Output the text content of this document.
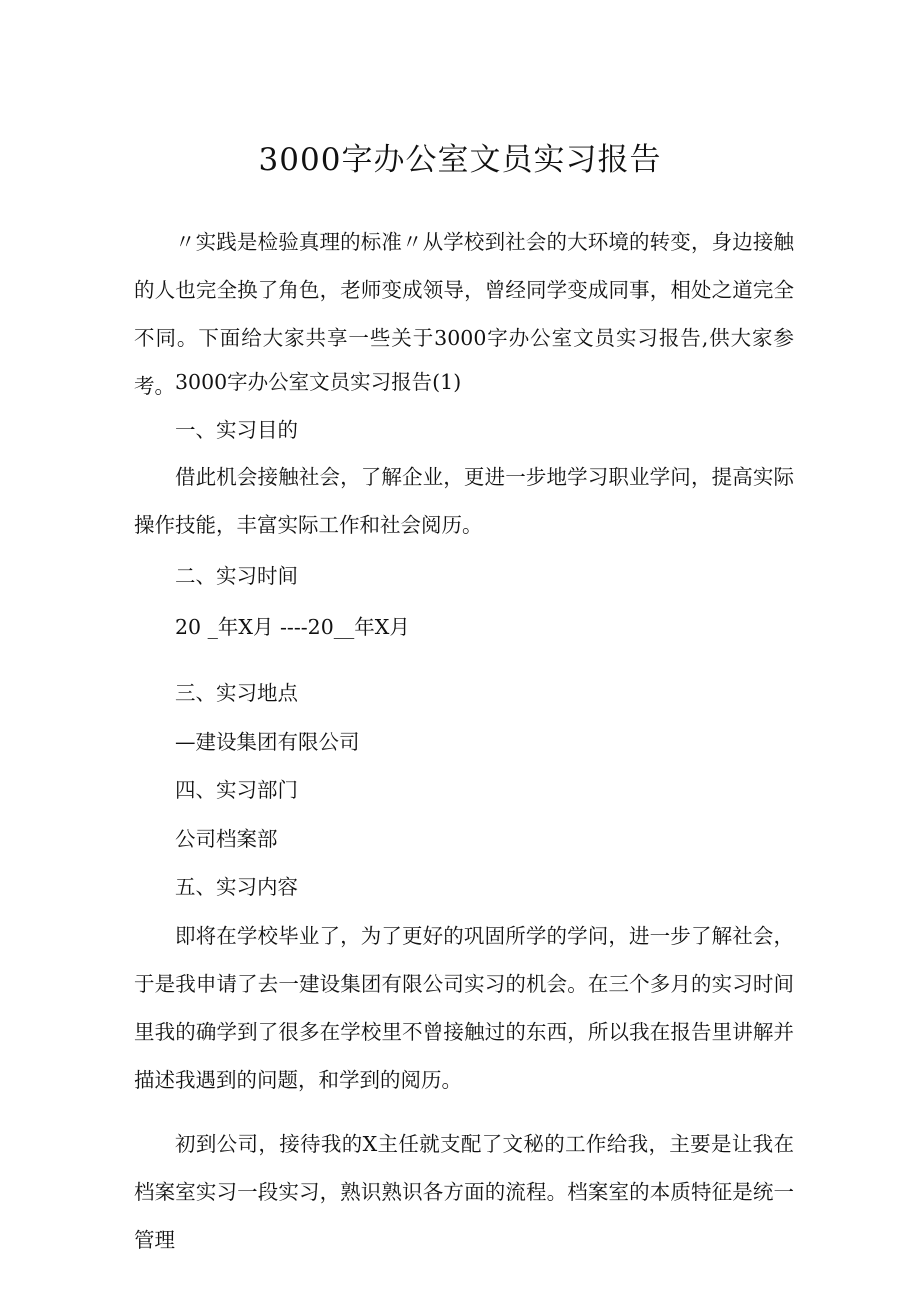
3000字办公室文员实习报告

〃实践是检验真理的标准〃从学校到社会的大环境的转变，身边接触的人也完全换了角色，老师变成领导，曾经同学变成同事，相处之道完全不同。下面给大家共享一些关于3000字办公室文员实习报告,供大家参考。 3000字办公室文员实习报告(1)
一、实习目的

借此机会接触社会，了解企业，更进一步地学习职业学问，提高实际操作技能，丰富实际工作和社会阅历。

二、实习时间
20 _年X月 ----20__年X月
三、实习地点
—建设集团有限公司
四、实习部门
公司档案部
五、实习内容

即将在学校毕业了，为了更好的巩固所学的学问，进一步了解社会，于是我申请了去一建设集团有限公司实习的机会。在三个多月的实习时间里我的确学到了很多在学校里不曾接触过的东西，所以我在报告里讲解并描述我遇到的问题，和学到的阅历。

初到公司，接待我的X主任就支配了文秘的工作给我，主要是让我在档案室实习一段实习，熟识熟识各方面的流程。档案室的本质特征是统一管理
